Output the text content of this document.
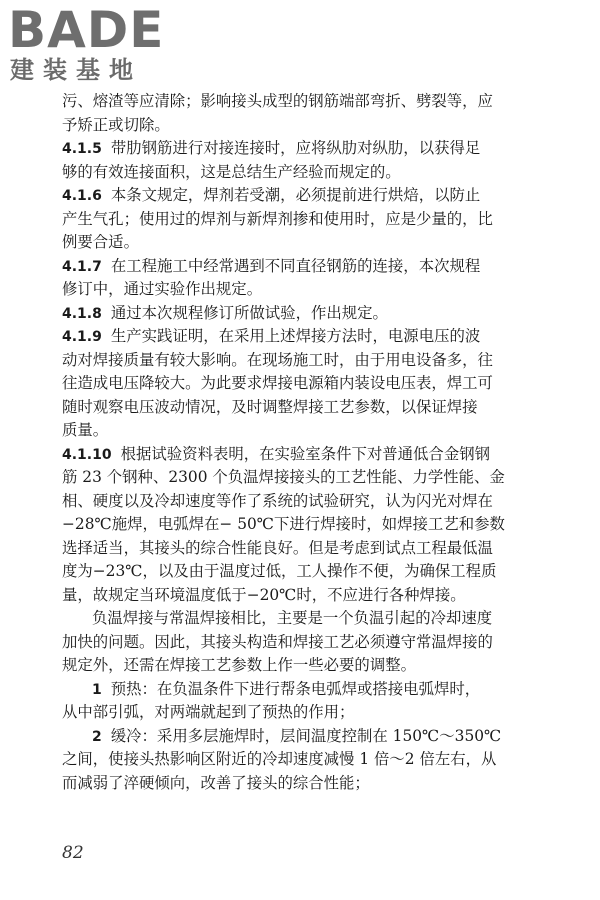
BADE
建装基地
污、熔渣等应清除；影响接头成型的钢筋端部弯折、劈裂等，应
予矫正或切除。
4.1.5 带肋钢筋进行对接连接时，应将纵肋对纵肋，以获得足
够的有效连接面积，这是总结生产经验而规定的。
4.1.6 本条文规定，焊剂若受潮，必须提前进行烘焙，以防止
产生气孔；使用过的焊剂与新焊剂掺和使用时，应是少量的，比
例要合适。
4.1.7 在工程施工中经常遇到不同直径钢筋的连接，本次规程
修订中，通过实验作出规定。
4.1.8 通过本次规程修订所做试验，作出规定。
4.1.9 生产实践证明，在采用上述焊接方法时，电源电压的波
动对焊接质量有较大影响。在现场施工时，由于用电设备多，往
往造成电压降较大。为此要求焊接电源箱内装设电压表，焊工可
随时观察电压波动情况，及时调整焊接工艺参数，以保证焊接
质量。
4.1.10 根据试验资料表明，在实验室条件下对普通低合金钢钢
筋 23 个钢种、2300 个负温焊接接头的工艺性能、力学性能、金
相、硬度以及冷却速度等作了系统的试验研究，认为闪光对焊在
−28℃施焊，电弧焊在− 50℃下进行焊接时，如焊接工艺和参数
选择适当，其接头的综合性能良好。但是考虑到试点工程最低温
度为−23℃，以及由于温度过低，工人操作不便，为确保工程质
量，故规定当环境温度低于−20℃时，不应进行各种焊接。
负温焊接与常温焊接相比，主要是一个负温引起的冷却速度
加快的问题。因此，其接头构造和焊接工艺必须遵守常温焊接的
规定外，还需在焊接工艺参数上作一些必要的调整。
1 预热：在负温条件下进行帮条电弧焊或搭接电弧焊时，
从中部引弧，对两端就起到了预热的作用；
2 缓冷：采用多层施焊时，层间温度控制在 150℃～350℃
之间，使接头热影响区附近的冷却速度减慢 1 倍～2 倍左右，从
而减弱了淬硬倾向，改善了接头的综合性能；
82
